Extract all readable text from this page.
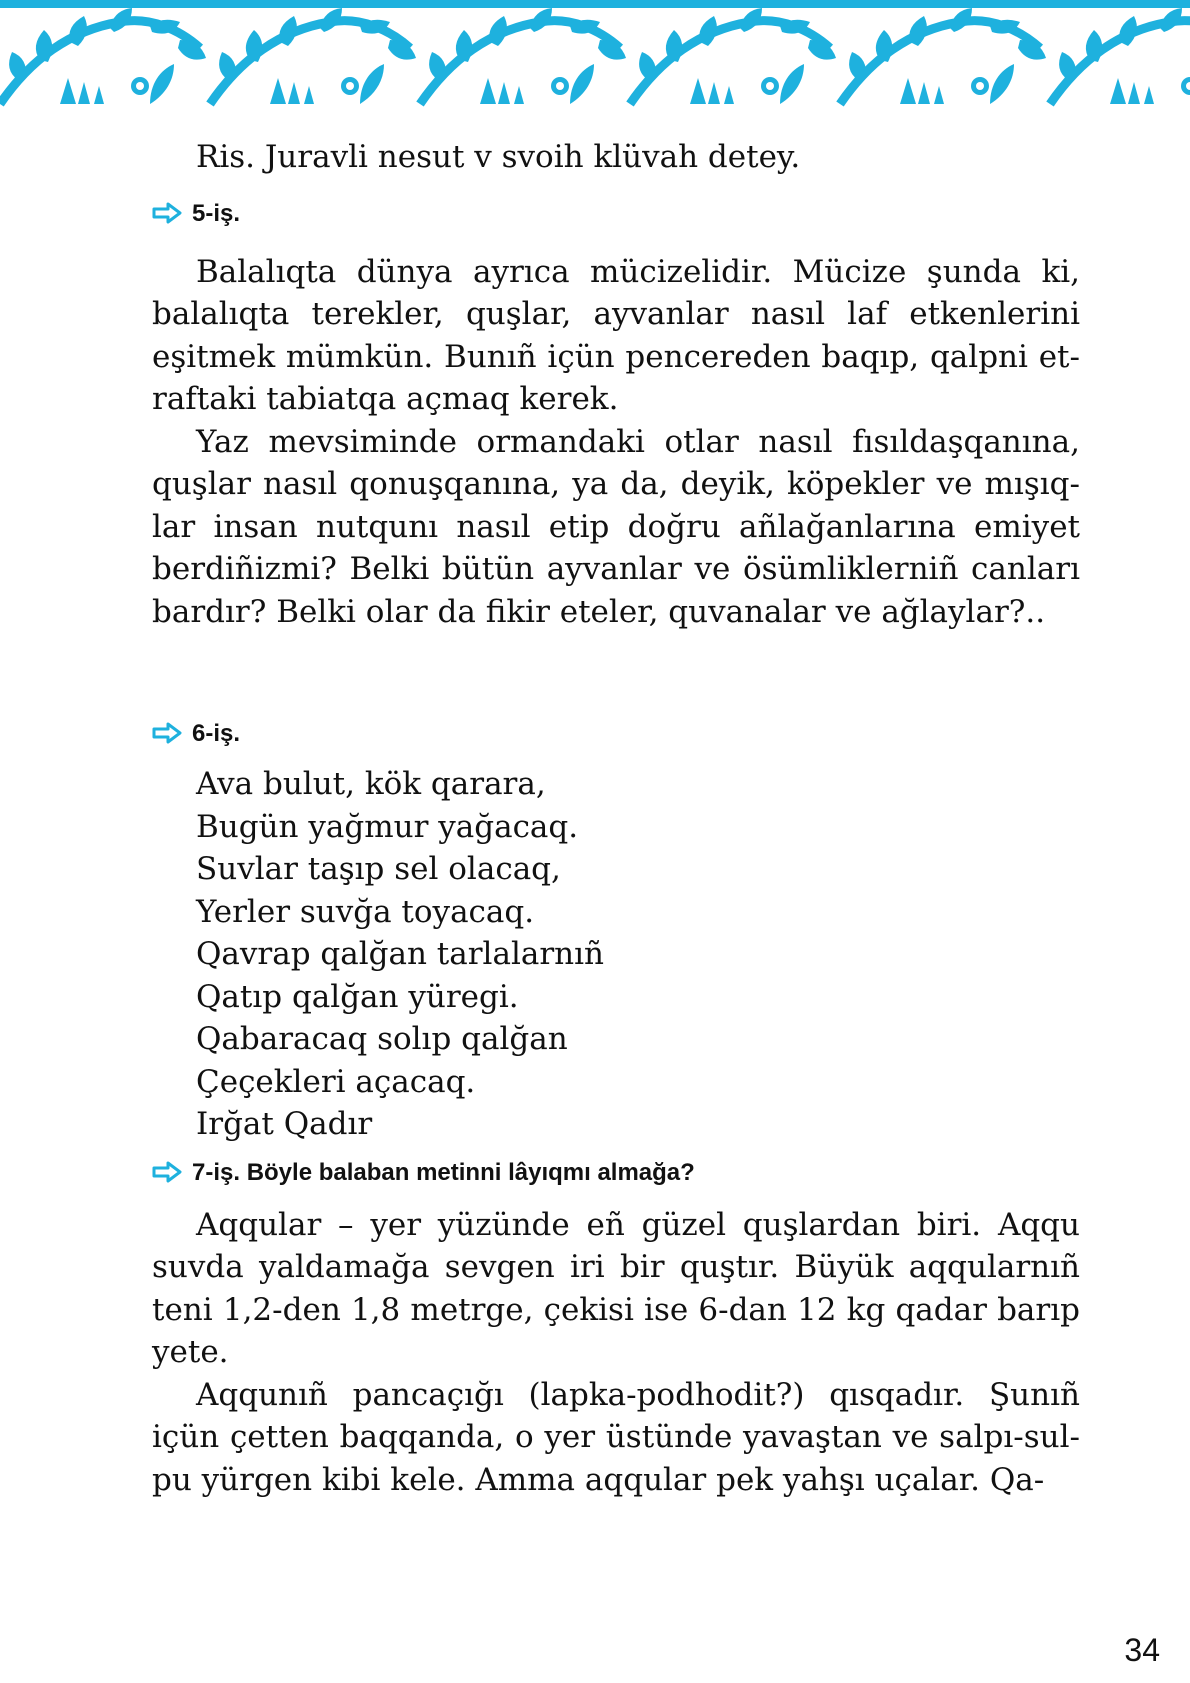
Ris. Juravli nesut v svoih klüvah detey.

5-iş.

Balalıqta dünya ayrıca mücizelidir. Mücize şunda ki, balalıqta terekler, quşlar, ayvanlar nasıl laf etkenlerini eşitmek mümkün. Bunıñ içün pencereden baqıp, qalpni etraftaki tabiatqa açmaq kerek.

Yaz mevsiminde ormandaki otlar nasıl fısıldaşqanına, quşlar nasıl qonuşqanına, ya da, deyik, köpekler ve mışıqlar insan nutqunı nasıl etip doğru añlağanlarına emiyet berdiñizmi? Belki bütün ayvanlar ve ösümliklerniñ canları bardır? Belki olar da fikir eteler, quvanalar ve ağlaylar?..

6-iş.
Ava bulut, kök qarara,
Bugün yağmur yağacaq.
Suvlar taşıp sel olacaq,
Yerler suvğa toyacaq.
Qavrap qalğan tarlalarnıñ
Qatıp qalğan yüregi.
Qabaracaq solıp qalğan
Çeçekleri açacaq.
Irğat Qadır
7-iş. Böyle balaban metinni lâyıqmı almağa?

Aqqular – yer yüzünde eñ güzel quşlardan biri. Aqqu suvda yaldamağa sevgen iri bir quştır. Büyük aqqularnıñ teni 1,2-den 1,8 metrge, çekisi ise 6-dan 12 kg qadar barıp yete.

Aqqunıñ pancaçığı (lapka-podhodit?) qısqadır. Şunıñ içün çetten baqqanda, o yer üstünde yavaştan ve salpı-sulpu yürgen kibi kele. Amma aqqular pek yahşı uçalar. Qa-

34
